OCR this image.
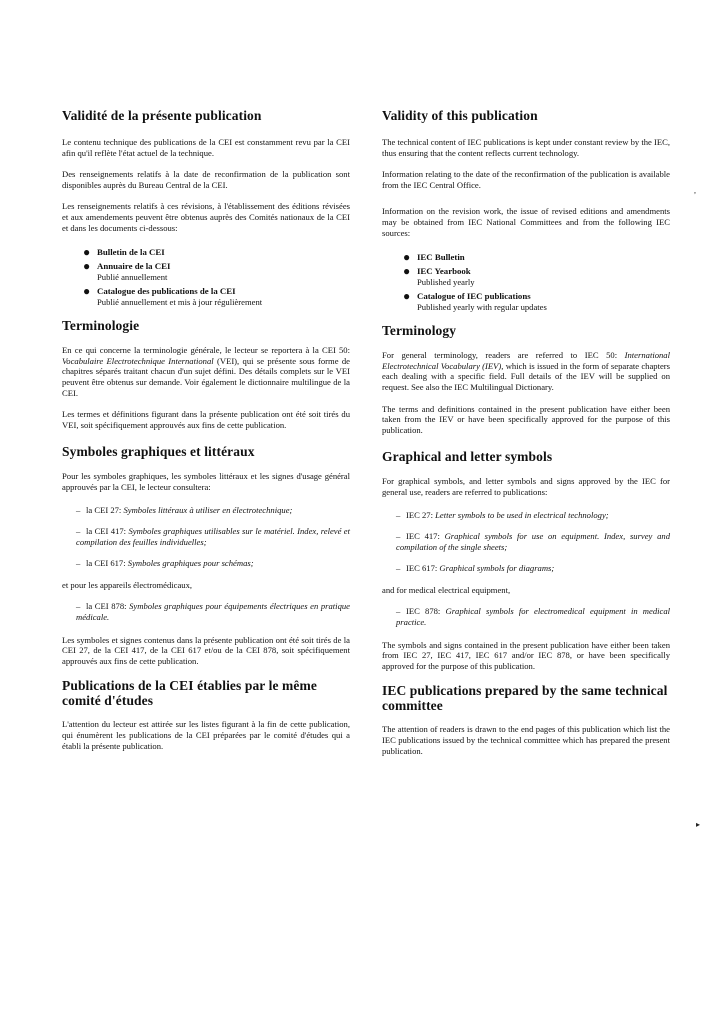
Validité de la présente publication

Le contenu technique des publications de la CEI est constamment revu par la CEI afin qu'il reflète l'état actuel de la technique.

Des renseignements relatifs à la date de reconfirmation de la publication sont disponibles auprès du Bureau Central de la CEI.

Les renseignements relatifs à ces révisions, à l'établissement des éditions révisées et aux amendements peuvent être obtenus auprès des Comités nationaux de la CEI et dans les documents ci-dessous:

● Bulletin de la CEI
● Annuaire de la CEI
Publié annuellement
● Catalogue des publications de la CEI
Publié annuellement et mis à jour régulièrement
Terminologie

En ce qui concerne la terminologie générale, le lecteur se reportera à la CEI 50: Vocabulaire Electrotechnique International (VEI), qui se présente sous forme de chapitres séparés traitant chacun d'un sujet défini. Des détails complets sur le VEI peuvent être obtenus sur demande. Voir également le dictionnaire multilingue de la CEI.

Les termes et définitions figurant dans la présente publication ont été soit tirés du VEI, soit spécifiquement approuvés aux fins de cette publication.

Symboles graphiques et littéraux

Pour les symboles graphiques, les symboles littéraux et les signes d'usage général approuvés par la CEI, le lecteur consultera:

– la CEI 27: Symboles littéraux à utiliser en électrotechnique;
– la CEI 417: Symboles graphiques utilisables sur le matériel. Index, relevé et compilation des feuilles individuelles;
– la CEI 617: Symboles graphiques pour schémas;

et pour les appareils électromédicaux,

– la CEI 878: Symboles graphiques pour équipements électriques en pratique médicale.

Les symboles et signes contenus dans la présente publication ont été soit tirés de la CEI 27, de la CEI 417, de la CEI 617 et/ou de la CEI 878, soit spécifiquement approuvés aux fins de cette publication.

Publications de la CEI établies par le même comité d'études

L'attention du lecteur est attirée sur les listes figurant à la fin de cette publication, qui énumèrent les publications de la CEI préparées par le comité d'études qui a établi la présente publication.

Validity of this publication

The technical content of IEC publications is kept under constant review by the IEC, thus ensuring that the content reflects current technology.

Information relating to the date of the reconfirmation of the publication is available from the IEC Central Office.

Information on the revision work, the issue of revised editions and amendments may be obtained from IEC National Committees and from the following IEC sources:

● IEC Bulletin
● IEC Yearbook
Published yearly
● Catalogue of IEC publications
Published yearly with regular updates
Terminology

For general terminology, readers are referred to IEC 50: International Electrotechnical Vocabulary (IEV), which is issued in the form of separate chapters each dealing with a specific field. Full details of the IEV will be supplied on request. See also the IEC Multilingual Dictionary.

The terms and definitions contained in the present publication have either been taken from the IEV or have been specifically approved for the purpose of this publication.

Graphical and letter symbols

For graphical symbols, and letter symbols and signs approved by the IEC for general use, readers are referred to publications:

– IEC 27: Letter symbols to be used in electrical technology;
– IEC 417: Graphical symbols for use on equipment. Index, survey and compilation of the single sheets;
– IEC 617: Graphical symbols for diagrams;

and for medical electrical equipment,

– IEC 878: Graphical symbols for electromedical equipment in medical practice.

The symbols and signs contained in the present publication have either been taken from IEC 27, IEC 417, IEC 617 and/or IEC 878, or have been specifically approved for the purpose of this publication.

IEC publications prepared by the same technical committee

The attention of readers is drawn to the end pages of this publication which list the IEC publications issued by the technical committee which has prepared the present publication.

,
▸
